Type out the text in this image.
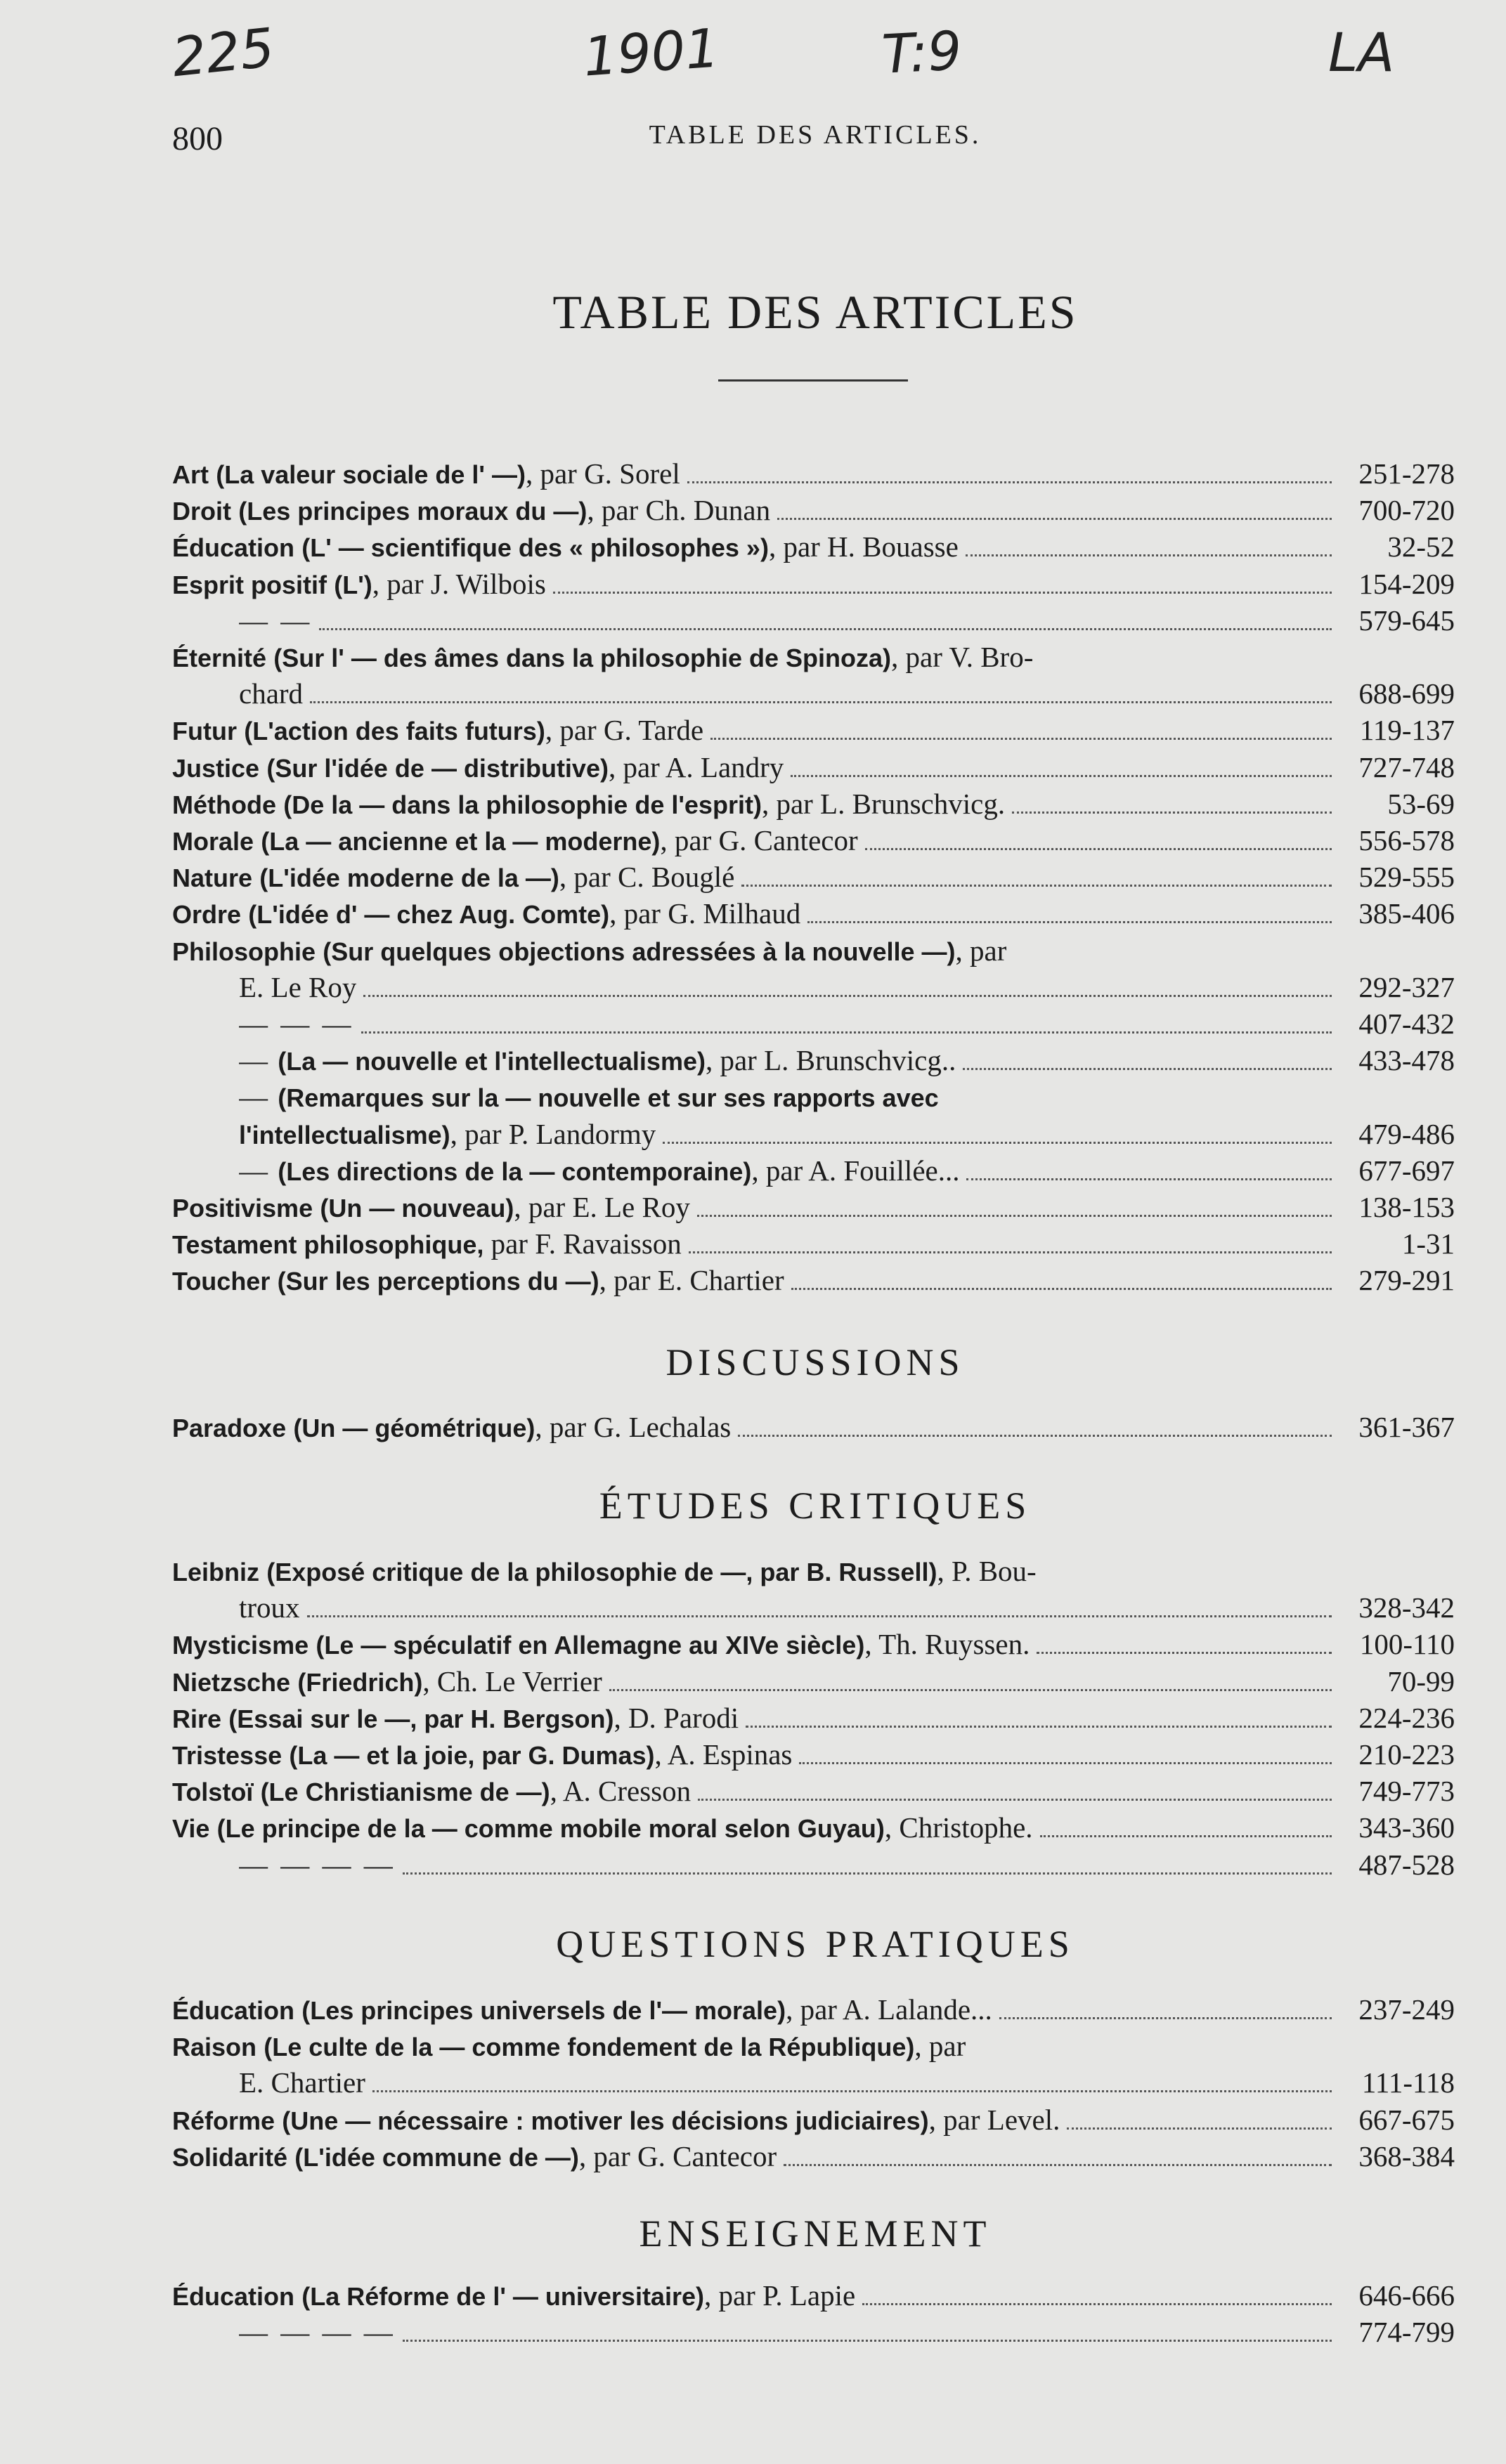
225	1901	T:9	LA
800	TABLE DES ARTICLES.
TABLE DES ARTICLES
DISCUSSIONS
ÉTUDES CRITIQUES
QUESTIONS PRATIQUES
ENSEIGNEMENT
Art (La valeur sociale de l' —), par G. Sorel	251-278
Droit (Les principes moraux du —), par Ch. Dunan	700-720
Éducation (L' — scientifique des « philosophes »), par H. Bouasse	32-52
Esprit positif (L'), par J. Wilbois	154-209
— —	579-645
Éternité (Sur l' — des âmes dans la philosophie de Spinoza), par V. Bro-
chard	688-699
Futur (L'action des faits futurs), par G. Tarde	119-137
Justice (Sur l'idée de — distributive), par A. Landry	727-748
Méthode (De la — dans la philosophie de l'esprit), par L. Brunschvicg.	53-69
Morale (La — ancienne et la — moderne), par G. Cantecor	556-578
Nature (L'idée moderne de la —), par C. Bouglé	529-555
Ordre (L'idée d' — chez Aug. Comte), par G. Milhaud	385-406
Philosophie (Sur quelques objections adressées à la nouvelle —), par
E. Le Roy	292-327
— — —	407-432
— (La — nouvelle et l'intellectualisme), par L. Brunschvicg..	433-478
— (Remarques sur la — nouvelle et sur ses rapports avec
l'intellectualisme), par P. Landormy	479-486
— (Les directions de la — contemporaine), par A. Fouillée...	677-697
Positivisme (Un — nouveau), par E. Le Roy	138-153
Testament philosophique, par F. Ravaisson	1-31
Toucher (Sur les perceptions du —), par E. Chartier	279-291
Paradoxe (Un — géométrique), par G. Lechalas	361-367
Leibniz (Exposé critique de la philosophie de —, par B. Russell), P. Bou-
troux	328-342
Mysticisme (Le — spéculatif en Allemagne au XIVe siècle), Th. Ruyssen.	100-110
Nietzsche (Friedrich), Ch. Le Verrier	70-99
Rire (Essai sur le —, par H. Bergson), D. Parodi	224-236
Tristesse (La — et la joie, par G. Dumas), A. Espinas	210-223
Tolstoï (Le Christianisme de —), A. Cresson	749-773
Vie (Le principe de la — comme mobile moral selon Guyau), Christophe.	343-360
— — — —	487-528
Éducation (Les principes universels de l'— morale), par A. Lalande...	237-249
Raison (Le culte de la — comme fondement de la République), par
E. Chartier	111-118
Réforme (Une — nécessaire : motiver les décisions judiciaires), par Level.	667-675
Solidarité (L'idée commune de —), par G. Cantecor	368-384
Éducation (La Réforme de l' — universitaire), par P. Lapie	646-666
— — — —	774-799
